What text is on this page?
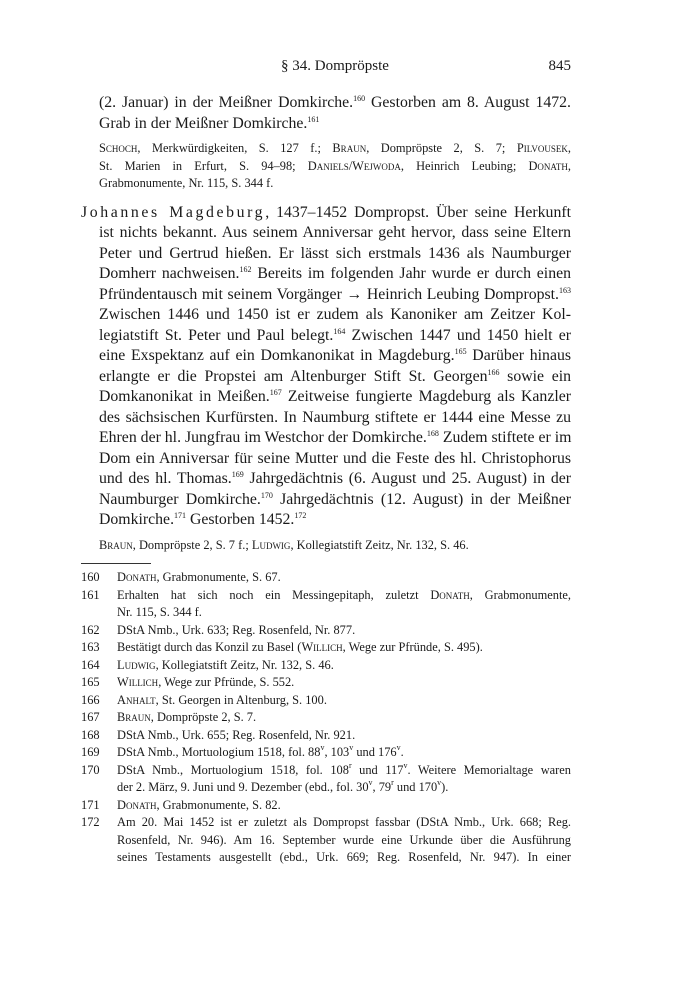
§ 34. Dompröpste	845
(2. Januar) in der Meißner Domkirche.$^{160}$ Gestorben am 8. August 1472.
Grab in der Meißner Domkirche.$^{161}$
Schoch, Merkwürdigkeiten, S. 127 f.; Braun, Dompröpste 2, S. 7; Pilvousek,
St. Marien in Erfurt, S. 94–98; Daniels/Wejwoda, Heinrich Leubing; Donath,
Grabmonumente, Nr. 115, S. 344 f.
Johannes Magdeburg, 1437–1452 Dompropst. Über seine Herkunft
ist nichts bekannt. Aus seinem Anniversar geht hervor, dass seine Eltern
Peter und Gertrud hießen. Er lässt sich erstmals 1436 als Naumburger
Domherr nachweisen.$^{162}$ Bereits im folgenden Jahr wurde er durch einen
Pfründentausch mit seinem Vorgänger → Heinrich Leubing Dompropst.$^{163}$
Zwischen 1446 und 1450 ist er zudem als Kanoniker am Zeitzer Kol-
legiatstift St. Peter und Paul belegt.$^{164}$ Zwischen 1447 und 1450 hielt er
eine Exspektanz auf ein Domkanonikat in Magdeburg.$^{165}$ Darüber hinaus
erlangte er die Propstei am Altenburger Stift St. Georgen$^{166}$ sowie ein
Domkanonikat in Meißen.$^{167}$ Zeitweise fungierte Magdeburg als Kanzler
des sächsischen Kurfürsten. In Naumburg stiftete er 1444 eine Messe zu
Ehren der hl. Jungfrau im Westchor der Domkirche.$^{168}$ Zudem stiftete er im
Dom ein Anniversar für seine Mutter und die Feste des hl. Christophorus
und des hl. Thomas.$^{169}$ Jahrgedächtnis (6. August und 25. August) in der
Naumburger Domkirche.$^{170}$ Jahrgedächtnis (12. August) in der Meißner
Domkirche.$^{171}$ Gestorben 1452.$^{172}$
Braun, Dompröpste 2, S. 7 f.; Ludwig, Kollegiatstift Zeitz, Nr. 132, S. 46.
160 Donath, Grabmonumente, S. 67.
161 Erhalten hat sich noch ein Messingepitaph, zuletzt Donath, Grabmonumente,
Nr. 115, S. 344 f.
162 DStA Nmb., Urk. 633; Reg. Rosenfeld, Nr. 877.
163 Bestätigt durch das Konzil zu Basel (Willich, Wege zur Pfründe, S. 495).
164 Ludwig, Kollegiatstift Zeitz, Nr. 132, S. 46.
165 Willich, Wege zur Pfründe, S. 552.
166 Anhalt, St. Georgen in Altenburg, S. 100.
167 Braun, Dompröpste 2, S. 7.
168 DStA Nmb., Urk. 655; Reg. Rosenfeld, Nr. 921.
169 DStA Nmb., Mortuologium 1518, fol. 88$^v$, 103$^v$ und 176$^v$.
170 DStA Nmb., Mortuologium 1518, fol. 108$^r$ und 117$^v$. Weitere Memorialtage waren
der 2. März, 9. Juni und 9. Dezember (ebd., fol. 30$^v$, 79$^r$ und 170$^v$).
171 Donath, Grabmonumente, S. 82.
172 Am 20. Mai 1452 ist er zuletzt als Dompropst fassbar (DStA Nmb., Urk. 668; Reg.
Rosenfeld, Nr. 946). Am 16. September wurde eine Urkunde über die Ausführung
seines Testaments ausgestellt (ebd., Urk. 669; Reg. Rosenfeld, Nr. 947). In einer
